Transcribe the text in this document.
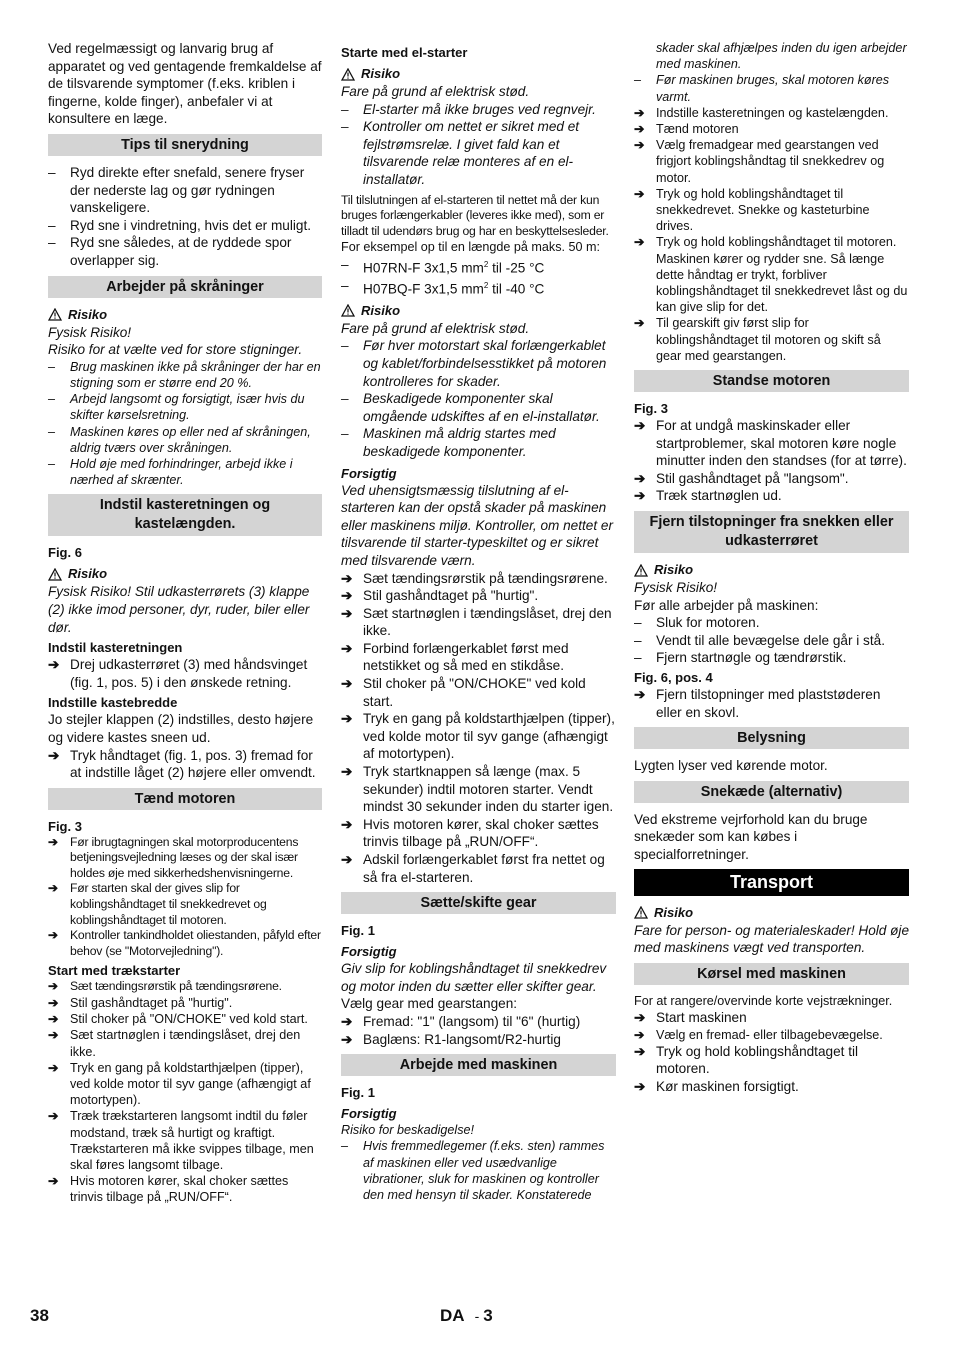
Ved regelmæssigt og lanvarig brug af apparatet og ved gentagende fremkaldelse af de tilsvarende symptomer (f.eks. kriblen i fingerne, kolde finger), anbefaler vi at konsultere en læge.

Tips til snerydning
–	Ryd direkte efter snefald, senere fryser der nederste lag og gør rydningen vanskeligere.
–	Ryd sne i vindretning, hvis det er muligt.
–	Ryd sne således, at de ryddede spor overlapper sig.
Arbejder på skråninger
Risiko

Fysisk Risiko!

Risiko for at vælte ved for store stigninger.

–	Brug maskinen ikke på skråninger der har en stigning som er større end 20 %.
–	Arbejd langsomt og forsigtigt, især hvis du skifter kørselsretning.
–	Maskinen køres op eller ned af skråningen, aldrig tværs over skråningen.
–	Hold øje med forhindringer, arbejd ikke i nærhed af skrænter.
Indstil kasteretningen og kastelængden.

Fig. 6

Risiko

Fysisk Risiko! Stil udkasterrørets (3) klappe (2) ikke imod personer, dyr, ruder, biler eller dør.

Indstil kasteretningen

➔ Drej udkasterrøret (3) med håndsvinget (fig. 1, pos. 5) i den ønskede retning.

Indstille kastebredde

Jo stejler klappen (2) indstilles, desto højere og videre kastes sneen ud.

➔ Tryk håndtaget (fig. 1, pos. 3) fremad for at indstille låget (2) højere eller omvendt.
Tænd motoren

Fig. 3

➔ Før ibrugtagningen skal motorproducentens betjeningsvejledning læses og der skal især holdes øje med sikkerhedshenvisningerne.
➔ Før starten skal der gives slip for koblingshåndtaget til snekkedrevet og koblingshåndtaget til motoren.
➔ Kontroller tankindholdet oliestanden, påfyld efter behov (se "Motorvejledning").

Start med trækstarter

➔ Sæt tændingsrørstik på tændingsrørene.
➔ Stil gashåndtaget på "hurtig".
➔ Stil choker på "ON/CHOKE" ved kold start.
➔ Sæt startnøglen i tændingslåset, drej den ikke.
➔ Tryk en gang på koldstarthjælpen (tipper), ved kolde motor til syv gange (afhængigt af motortypen).
➔ Træk trækstarteren langsomt indtil du føler modstand, træk så hurtigt og kraftigt. Trækstarteren må ikke svippes tilbage, men skal føres langsomt tilbage.
➔ Hvis motoren kører, skal choker sættes trinvis tilbage på „RUN/OFF“.

Starte med el-starter

Risiko

Fare på grund af elektrisk stød.

–	El-starter må ikke bruges ved regnvejr.
–	Kontroller om nettet er sikret med et fejlstrømsrelæ. I givet fald kan et tilsvarende relæ monteres af en el-installatør.

Til tilslutningen af el-starteren til nettet må der kun bruges forlængerkabler (leveres ikke med), som er tilladt til udendørs brug og har en beskyttelsesleder.

For eksempel op til en længde på maks. 50 m:

–	H07RN-F 3x1,5 $mm^2$ til -25 °C
–	H07BQ-F 3x1,5 $mm^2$ til -40 °C
Risiko

Fare på grund af elektrisk stød.

–	Før hver motorstart skal forlængerkablet og kablet/forbindelsesstikket på motoren kontrolleres for skader.
–	Beskadigede komponenter skal omgående udskiftes af en el-installatør.
–	Maskinen må aldrig startes med beskadigede komponenter.

Forsigtig

Ved uhensigtsmæssig tilslutning af el-starteren kan der opstå skader på maskinen eller maskinens miljø. Kontroller, om nettet er tilsvarende til starter-typeskiltet og er sikret med tilsvarende værn.

➔ Sæt tændingsrørstik på tændingsrørene.
➔ Stil gashåndtaget på "hurtig".
➔ Sæt startnøglen i tændingslåset, drej den ikke.
➔ Forbind forlængerkablet først med netstikket og så med en stikdåse.
➔ Stil choker på "ON/CHOKE" ved kold start.
➔ Tryk en gang på koldstarthjælpen (tipper), ved kolde motor til syv gange (afhængigt af motortypen).
➔ Tryk startknappen så længe (max. 5 sekunder) indtil motoren starter. Vendt mindst 30 sekunder inden du starter igen.
➔ Hvis motoren kører, skal choker sættes trinvis tilbage på „RUN/OFF“.
➔ Adskil forlængerkablet først fra nettet og så fra el-starteren.
Sætte/skifte gear

Fig. 1

Forsigtig

Giv slip for koblingshåndtaget til snekkedrev og motor inden du sætter eller skifter gear.

Vælg gear med gearstangen:

➔ Fremad: "1" (langsom) til "6" (hurtig)
➔ Baglæns: R1-langsomt/R2-hurtig
Arbejde med maskinen

Fig. 1

Forsigtig

Risiko for beskadigelse!

–	Hvis fremmedlegemer (f.eks. sten) rammes af maskinen eller ved usædvanlige vibrationer, sluk for maskinen og kontroller den med hensyn til skader. Konstaterede
skader skal afhjælpes inden du igen arbejder med maskinen.
–	Før maskinen bruges, skal motoren køres varmt.
➔ Indstille kasteretningen og kastelængden.
➔ Tænd motoren
➔ Vælg fremadgear med gearstangen ved frigjort koblingshåndtag til snekkedrev og motor.
➔ Tryk og hold koblingshåndtaget til snekkedrevet. Snekke og kasteturbine drives.
➔ Tryk og hold koblingshåndtaget til motoren. Maskinen kører og rydder sne. Så længe dette håndtag er trykt, forbliver koblingshåndtaget til snekkedrevet låst og du kan give slip for det.
➔ Til gearskift giv først slip for koblingshåndtaget til motoren og skift så gear med gearstangen.
Standse motoren

Fig. 3

➔ For at undgå maskinskader eller startproblemer, skal motoren køre nogle minutter inden den standses (for at tørre).
➔ Stil gashåndtaget på "langsom".
➔ Træk startnøglen ud.
Fjern tilstopninger fra snekken eller udkasterrøret
Risiko

Fysisk Risiko!

Før alle arbejder på maskinen:

–	Sluk for motoren.
–	Vendt til alle bevægelse dele går i stå.
–	Fjern startnøgle og tændrørstik.

Fig. 6, pos. 4

➔ Fjern tilstopninger med plaststøderen eller en skovl.
Belysning

Lygten lyser ved kørende motor.

Snekæde (alternativ)

Ved ekstreme vejrforhold kan du bruge snekæder som kan købes i specialforretninger.

Transport
Risiko

Fare for person- og materialeskader! Hold øje med maskinens vægt ved transporten.

Kørsel med maskinen

For at rangere/overvinde korte vejstrækninger.

➔ Start maskinen
➔ Vælg en fremad- eller tilbagebevægelse.
➔ Tryk og hold koblingshåndtaget til motoren.
➔ Kør maskinen forsigtigt.
38	DA - 3
